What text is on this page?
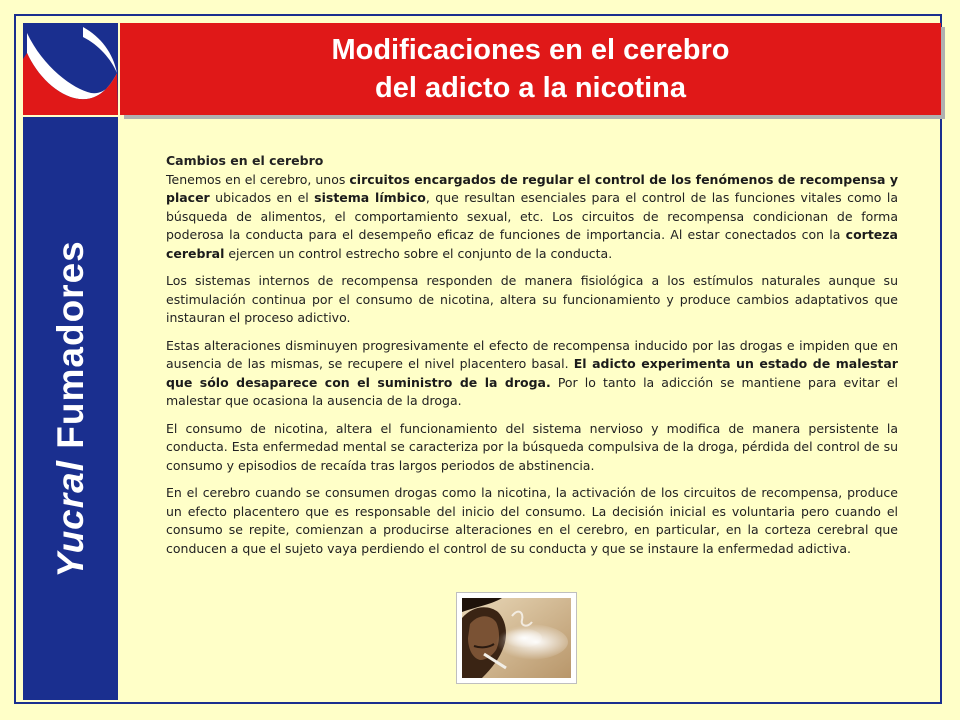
Yucral Fumadores
Modificaciones en el cerebro
del adicto a la nicotina

Cambios en el cerebro
Tenemos en el cerebro, unos circuitos encargados de regular el control de los fenómenos de recompensa y placer ubicados en el sistema límbico, que resultan esenciales para el control de las funciones vitales como la búsqueda de alimentos, el comportamiento sexual, etc. Los circuitos de recompensa condicionan de forma poderosa la conducta para el desempeño eficaz de funciones de importancia. Al estar conectados con la corteza cerebral ejercen un control estrecho sobre el conjunto de la conducta.

Los sistemas internos de recompensa responden de manera fisiológica a los estímulos naturales aunque su estimulación continua por el consumo de nicotina, altera su funcionamiento y produce cambios adaptativos que instauran el proceso adictivo.

Estas alteraciones disminuyen progresivamente el efecto de recompensa inducido por las drogas e impiden que en ausencia de las mismas, se recupere el nivel placentero basal. El adicto experimenta un estado de malestar que sólo desaparece con el suministro de la droga. Por lo tanto la adicción se mantiene para evitar el malestar que ocasiona la ausencia de la droga.

El consumo de nicotina, altera el funcionamiento del sistema nervioso y modifica de manera persistente la conducta. Esta enfermedad mental se caracteriza por la búsqueda compulsiva de la droga, pérdida del control de su consumo y episodios de recaída tras largos periodos de abstinencia.

En el cerebro cuando se consumen drogas como la nicotina, la activación de los circuitos de recompensa, produce un efecto placentero que es responsable del inicio del consumo. La decisión inicial es voluntaria pero cuando el consumo se repite, comienzan a producirse alteraciones en el cerebro, en particular, en la corteza cerebral que conducen a que el sujeto vaya perdiendo el control de su conducta y que se instaure la enfermedad adictiva.
